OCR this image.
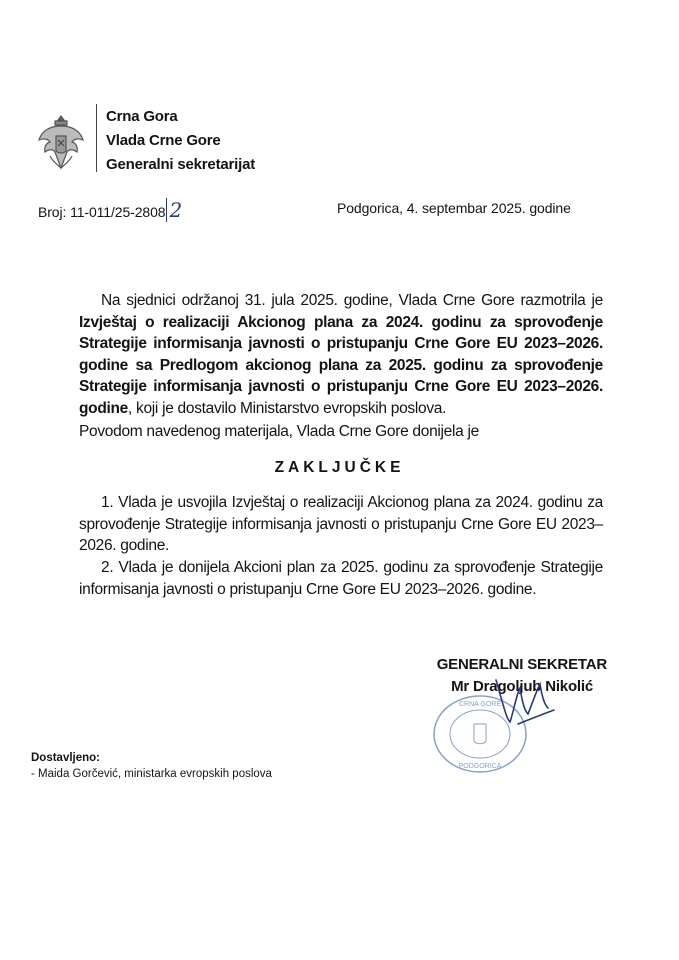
Crna Gora
Vlada Crne Gore
Generalni sekretarijat
Broj: 11-011/25-2808 2	Podgorica, 4. septembar 2025. godine

Na sjednici održanoj 31. jula 2025. godine, Vlada Crne Gore razmotrila je Izvještaj o realizaciji Akcionog plana za 2024. godinu za sprovođenje Strategije informisanja javnosti o pristupanju Crne Gore EU 2023–2026. godine sa Predlogom akcionog plana za 2025. godinu za sprovođenje Strategije informisanja javnosti o pristupanju Crne Gore EU 2023–2026. godine, koji je dostavilo Ministarstvo evropskih poslova.

Povodom navedenog materijala, Vlada Crne Gore donijela je
ZAKLJUČKE

1. Vlada je usvojila Izvještaj o realizaciji Akcionog plana za 2024. godinu za sprovođenje Strategije informisanja javnosti o pristupanju Crne Gore EU 2023–2026. godine.

2. Vlada je donijela Akcioni plan za 2025. godinu za sprovođenje Strategije informisanja javnosti o pristupanju Crne Gore EU 2023–2026. godine.

PODGORICA
CRNA GORE
GENERALNI SEKRETAR
Mr Dragoljub Nikolić
Dostavljeno:
- Maida Gorčević, ministarka evropskih poslova
